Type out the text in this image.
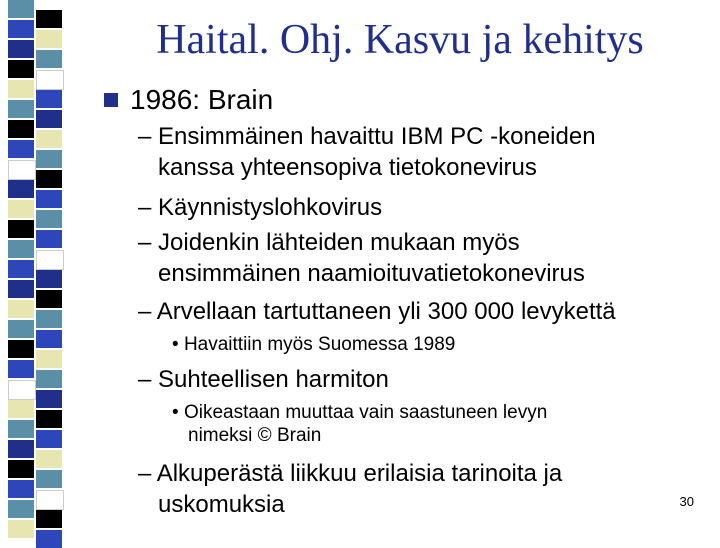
Haital. Ohj. Kasvu ja kehitys
1986: Brain
– Ensimmäinen havaittu IBM PC -koneiden
kanssa yhteensopiva tietokonevirus
– Käynnistyslohkovirus
– Joidenkin lähteiden mukaan myös
ensimmäinen naamioituvatietokonevirus
– Arvellaan tartuttaneen yli 300 000 levykettä
• Havaittiin myös Suomessa 1989
– Suhteellisen harmiton
• Oikeastaan muuttaa vain saastuneen levyn
nimeksi © Brain
– Alkuperästä liikkuu erilaisia tarinoita ja
uskomuksia	30
